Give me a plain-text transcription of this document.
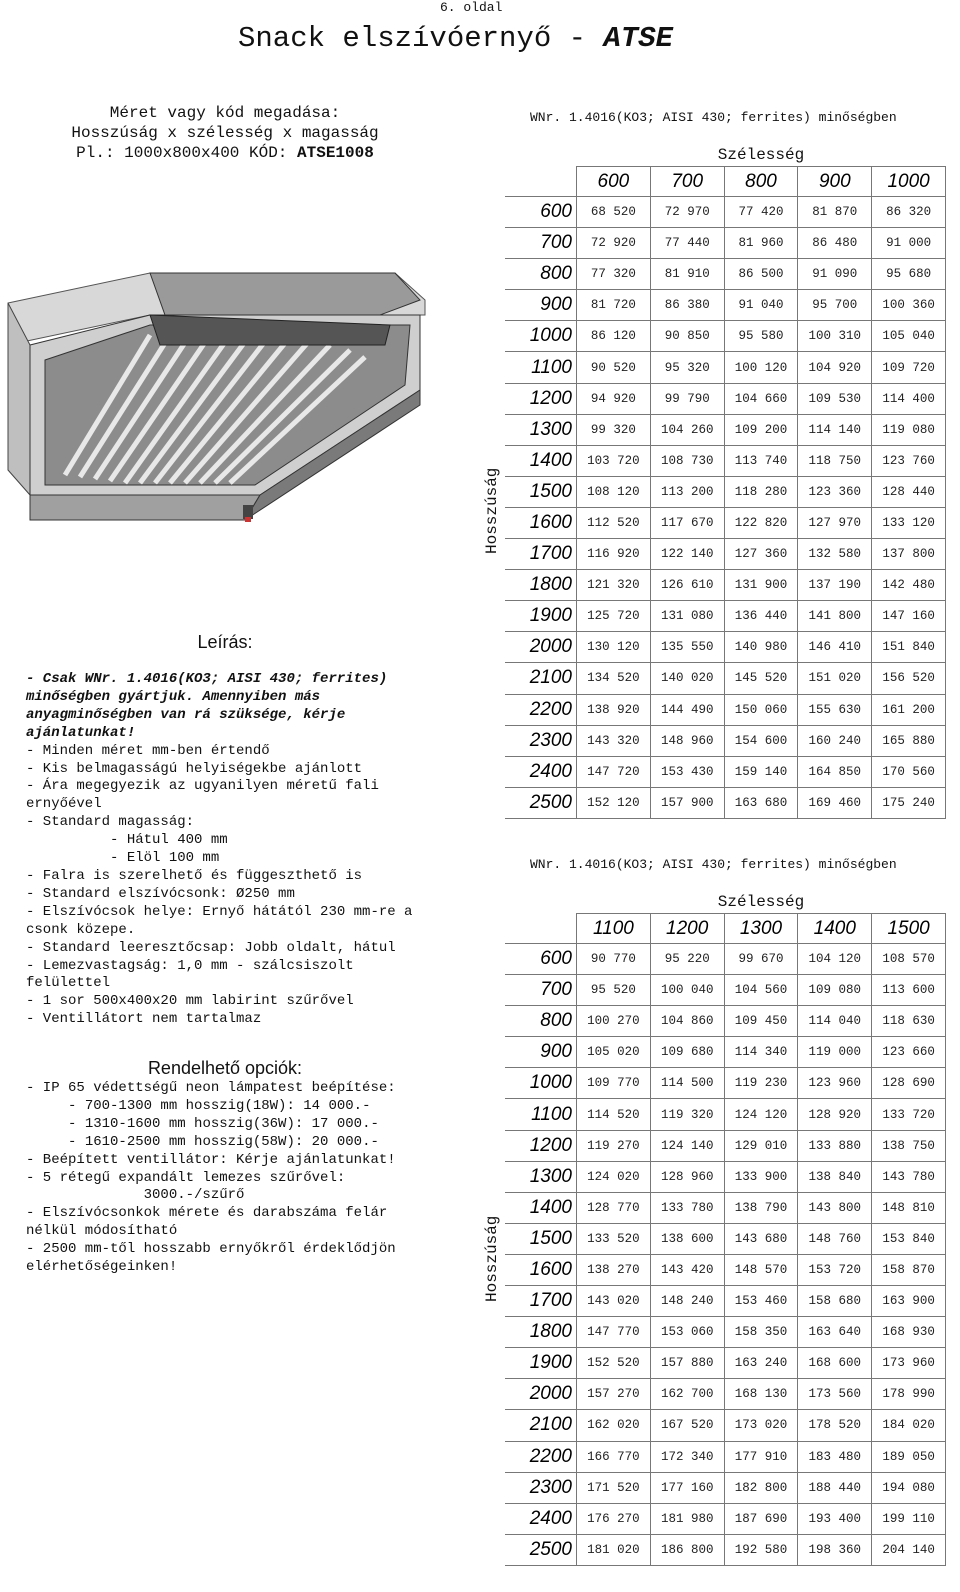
6. oldal
Snack elszívóernyő - ATSE
Méret vagy kód megadása:
Hosszúság x szélesség x magasság
Pl.: 1000x800x400 KÓD: ATSE1008
Leírás:
- Csak WNr. 1.4016(KO3; AISI 430; ferrites) minőségben gyártjuk. Amennyiben más anyagminőségben van rá szüksége, kérje ajánlatunkat!
- Minden méret mm-ben értendő
- Kis belmagasságú helyiségekbe ajánlott
- Ára megegyezik az ugyanilyen méretű fali ernyőével
- Standard magasság:
- Hátul 400 mm
- Elöl 100 mm
- Falra is szerelhető és függeszthető is
- Standard elszívócsonk: Ø250 mm
- Elszívócsok helye: Ernyő hátától 230 mm-re a csonk közepe.
- Standard leeresztőcsap: Jobb oldalt, hátul
- Lemezvastagság: 1,0 mm - szálcsiszolt felülettel
- 1 sor 500x400x20 mm labirint szűrővel
- Ventillátort nem tartalmaz
Rendelhető opciók:
- IP 65 védettségű neon lámpatest beépítése:
- 700-1300 mm hosszig(18W): 14 000.-
- 1310-1600 mm hosszig(36W): 17 000.-
- 1610-2500 mm hosszig(58W): 20 000.-
- Beépített ventillátor: Kérje ajánlatunkat!
- 5 rétegű expandált lemezes szűrővel:
3000.-/szűrő
- Elszívócsonkok mérete és darabszáma felár nélkül módosítható
- 2500 mm-től hosszabb ernyőkről érdeklődjön elérhetőségeinken!
WNr. 1.4016(KO3; AISI 430; ferrites) minőségben
Szélesség
Hosszúság
	600	700	800	900	1000
600	68 520	72 970	77 420	81 870	86 320
700	72 920	77 440	81 960	86 480	91 000
800	77 320	81 910	86 500	91 090	95 680
900	81 720	86 380	91 040	95 700	100 360
1000	86 120	90 850	95 580	100 310	105 040
1100	90 520	95 320	100 120	104 920	109 720
1200	94 920	99 790	104 660	109 530	114 400
1300	99 320	104 260	109 200	114 140	119 080
1400	103 720	108 730	113 740	118 750	123 760
1500	108 120	113 200	118 280	123 360	128 440
1600	112 520	117 670	122 820	127 970	133 120
1700	116 920	122 140	127 360	132 580	137 800
1800	121 320	126 610	131 900	137 190	142 480
1900	125 720	131 080	136 440	141 800	147 160
2000	130 120	135 550	140 980	146 410	151 840
2100	134 520	140 020	145 520	151 020	156 520
2200	138 920	144 490	150 060	155 630	161 200
2300	143 320	148 960	154 600	160 240	165 880
2400	147 720	153 430	159 140	164 850	170 560
2500	152 120	157 900	163 680	169 460	175 240
WNr. 1.4016(KO3; AISI 430; ferrites) minőségben
Szélesség
Hosszúság
	1100	1200	1300	1400	1500
600	90 770	95 220	99 670	104 120	108 570
700	95 520	100 040	104 560	109 080	113 600
800	100 270	104 860	109 450	114 040	118 630
900	105 020	109 680	114 340	119 000	123 660
1000	109 770	114 500	119 230	123 960	128 690
1100	114 520	119 320	124 120	128 920	133 720
1200	119 270	124 140	129 010	133 880	138 750
1300	124 020	128 960	133 900	138 840	143 780
1400	128 770	133 780	138 790	143 800	148 810
1500	133 520	138 600	143 680	148 760	153 840
1600	138 270	143 420	148 570	153 720	158 870
1700	143 020	148 240	153 460	158 680	163 900
1800	147 770	153 060	158 350	163 640	168 930
1900	152 520	157 880	163 240	168 600	173 960
2000	157 270	162 700	168 130	173 560	178 990
2100	162 020	167 520	173 020	178 520	184 020
2200	166 770	172 340	177 910	183 480	189 050
2300	171 520	177 160	182 800	188 440	194 080
2400	176 270	181 980	187 690	193 400	199 110
2500	181 020	186 800	192 580	198 360	204 140
